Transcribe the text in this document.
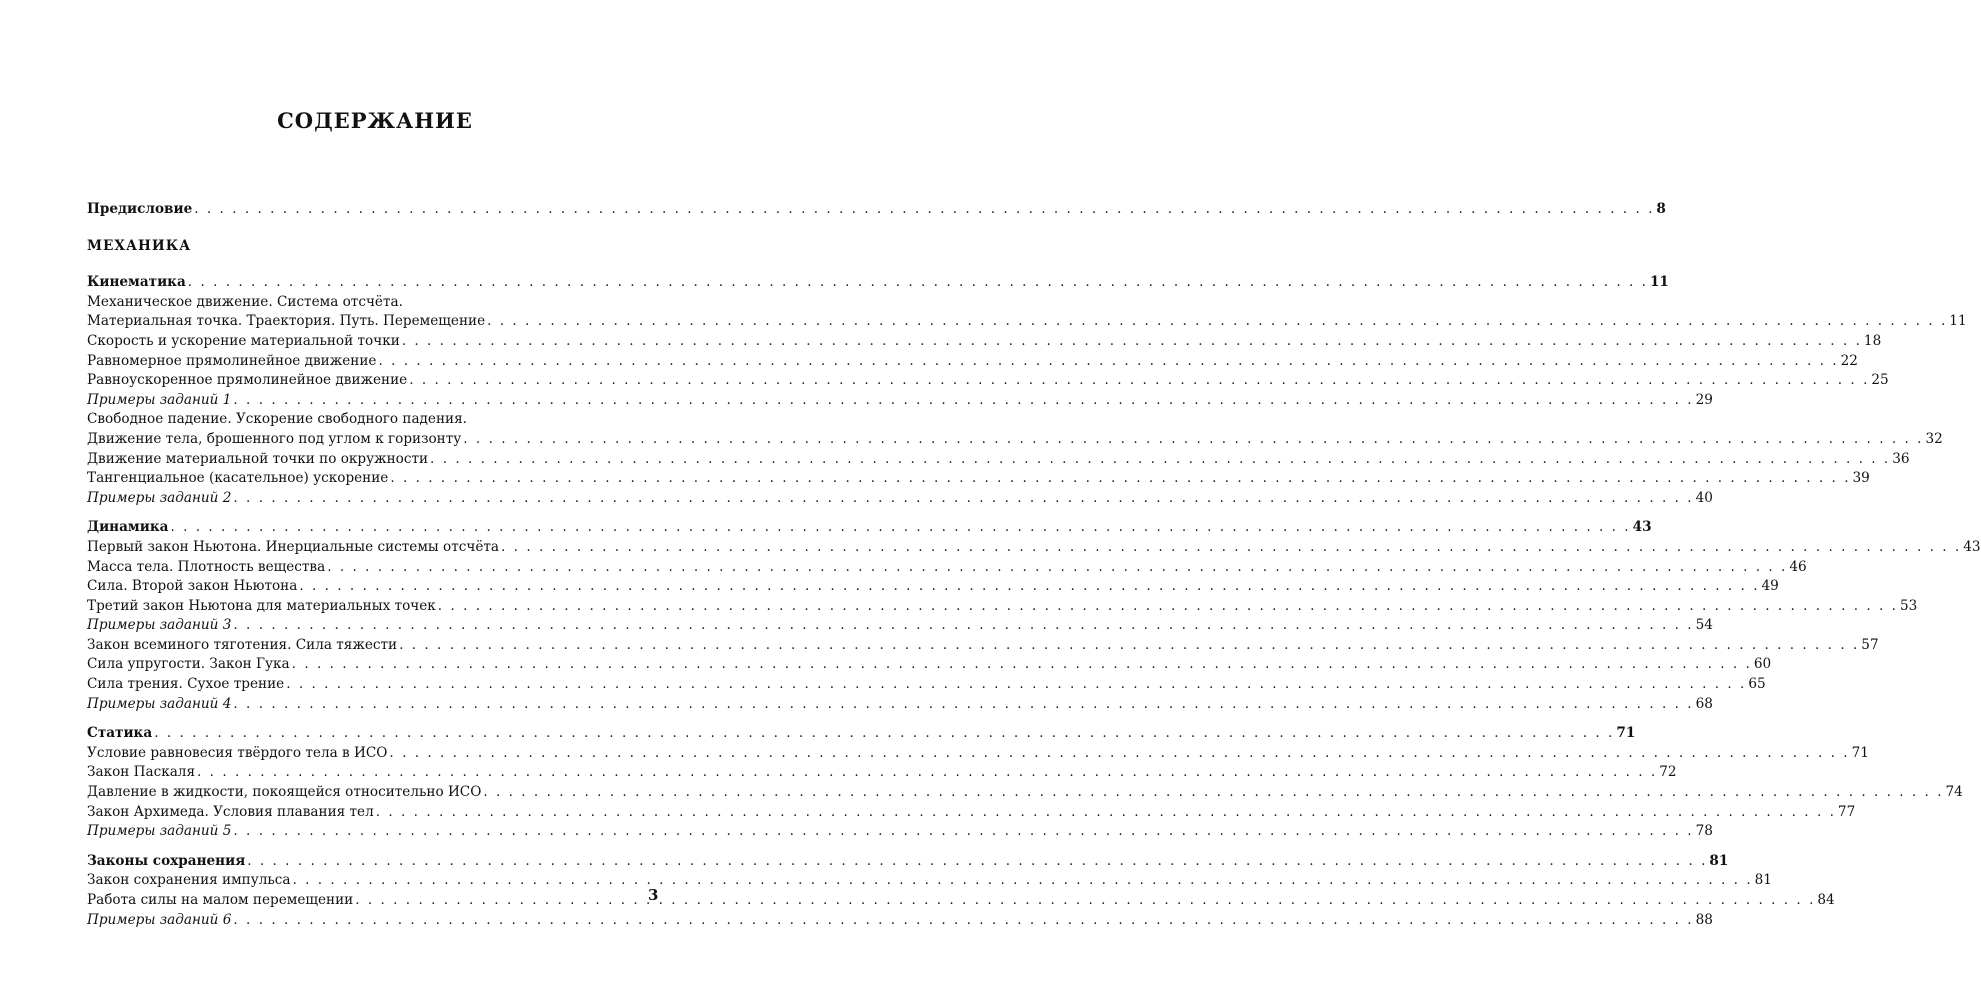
СОДЕРЖАНИЕ
Предисловие . . .	8
МЕХАНИКА
Кинематика . . .	11
Механическое движение. Система отсчёта.
Материальная точка. Траектория. Путь. Перемещение . . .	11
Скорость и ускорение материальной точки . . .	18
Равномерное прямолинейное движение . . .	22
Равноускоренное прямолинейное движение . . .	25
Примеры заданий 1 . . .	29
Свободное падение. Ускорение свободного падения.
Движение тела, брошенного под углом к горизонту . . .	32
Движение материальной точки по окружности . . .	36
Тангенциальное (касательное) ускорение . . .	39
Примеры заданий 2 . . .	40
Динамика . . .	43
Первый закон Ньютона. Инерциальные системы отсчёта . . .	43
Масса тела. Плотность вещества . . .	46
Сила. Второй закон Ньютона . . .	49
Третий закон Ньютона для материальных точек . . .	53
Примеры заданий 3 . . .	54
Закон всеминого тяготения. Сила тяжести . . .	57
Сила упругости. Закон Гука . . .	60
Сила трения. Сухое трение . . .	65
Примеры заданий 4 . . .	68
Статика . . .	71
Условие равновесия твёрдого тела в ИСО . . .	71
Закон Паскаля . . .	72
Давление в жидкости, покоящейся относительно ИСО . . .	74
Закон Архимеда. Условия плавания тел . . .	77
Примеры заданий 5 . . .	78
Законы сохранения . . .	81
Закон сохранения импульса . . .	81
Работа силы на малом перемещении . . .	84
Примеры заданий 6 . . .	88
3
